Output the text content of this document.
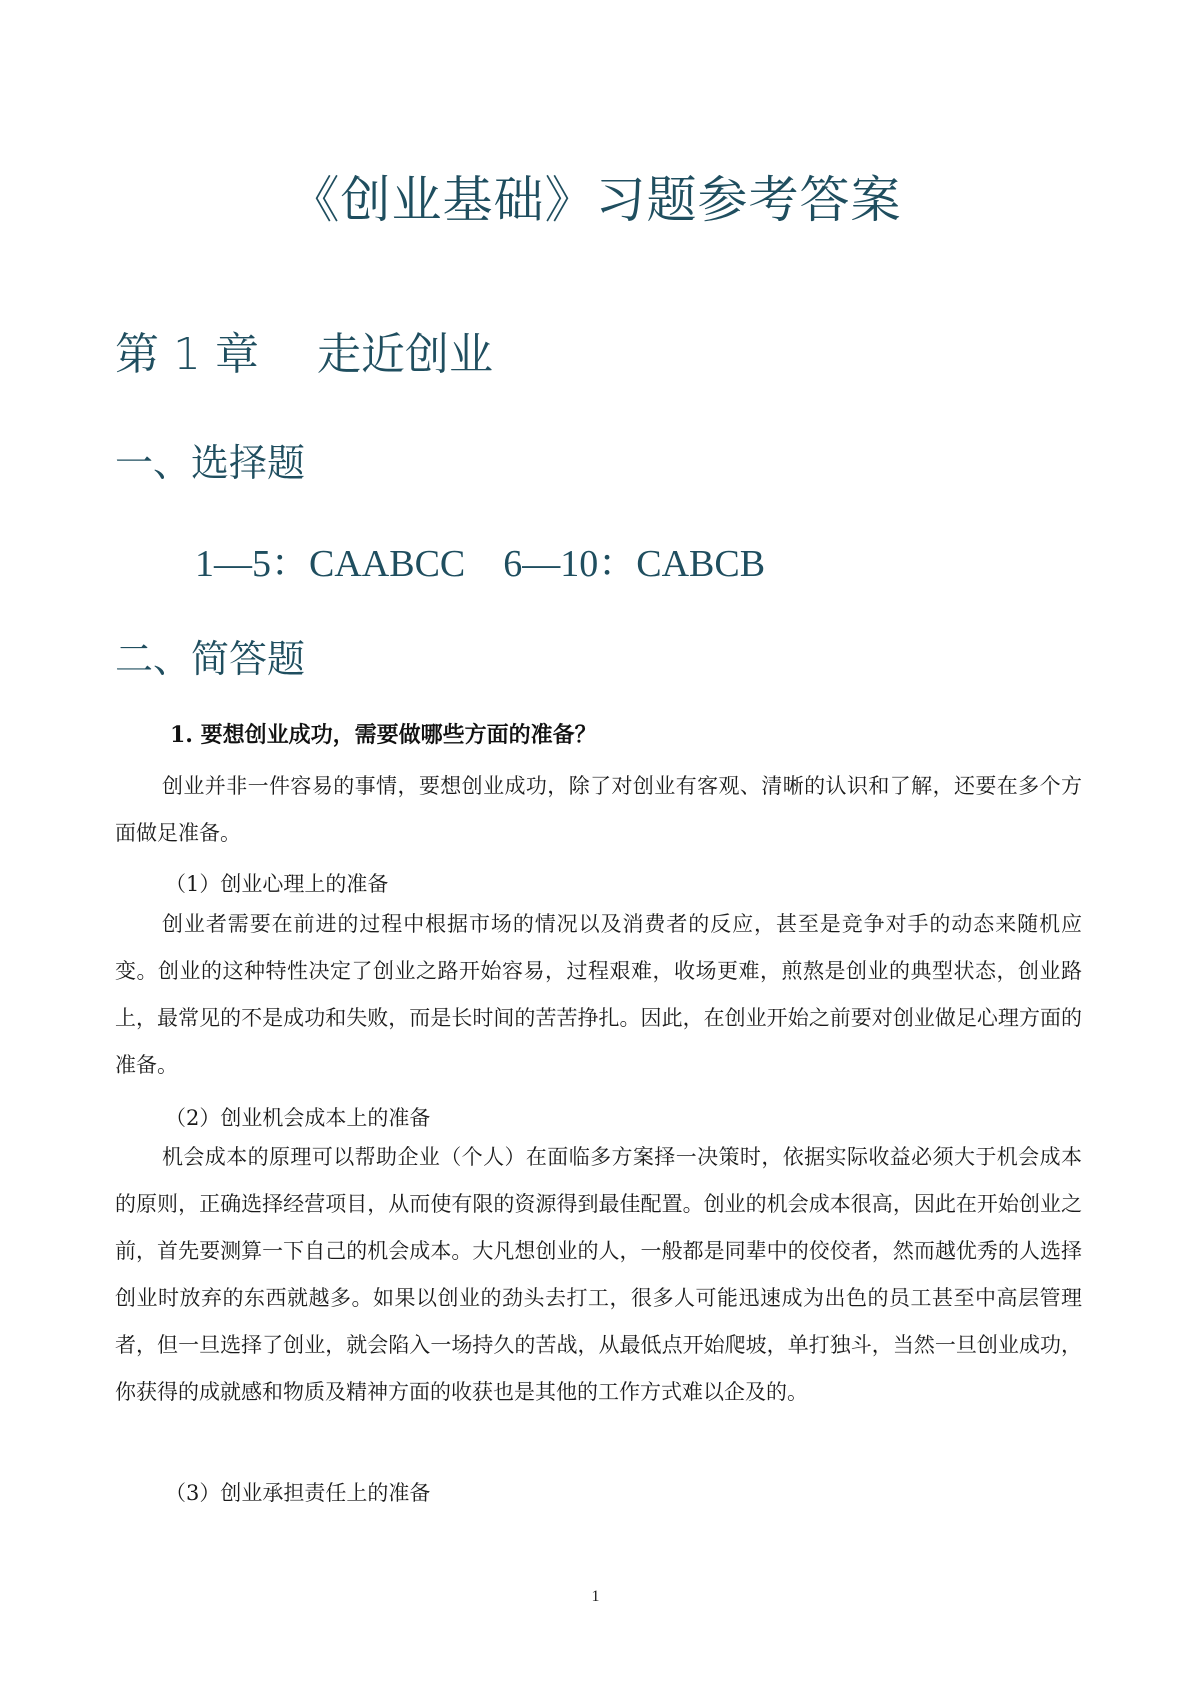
《创业基础》习题参考答案
第 1 章　 走近创业
一、选择题

1—5：CAABCC　6—10：CABCB

二、简答题

1. 要想创业成功，需要做哪些方面的准备？

创业并非一件容易的事情，要想创业成功，除了对创业有客观、清晰的认识和了解，还要在多个方面做足准备。

（1）创业心理上的准备

创业者需要在前进的过程中根据市场的情况以及消费者的反应，甚至是竞争对手的动态来随机应变。创业的这种特性决定了创业之路开始容易，过程艰难，收场更难，煎熬是创业的典型状态，创业路上，最常见的不是成功和失败，而是长时间的苦苦挣扎。因此，在创业开始之前要对创业做足心理方面的准备。

（2）创业机会成本上的准备

机会成本的原理可以帮助企业（个人）在面临多方案择一决策时，依据实际收益必须大于机会成本的原则，正确选择经营项目，从而使有限的资源得到最佳配置。创业的机会成本很高，因此在开始创业之前，首先要测算一下自己的机会成本。大凡想创业的人，一般都是同辈中的佼佼者，然而越优秀的人选择创业时放弃的东西就越多。如果以创业的劲头去打工，很多人可能迅速成为出色的员工甚至中高层管理者，但一旦选择了创业，就会陷入一场持久的苦战，从最低点开始爬坡，单打独斗，当然一旦创业成功，你获得的成就感和物质及精神方面的收获也是其他的工作方式难以企及的。

（3）创业承担责任上的准备

1
